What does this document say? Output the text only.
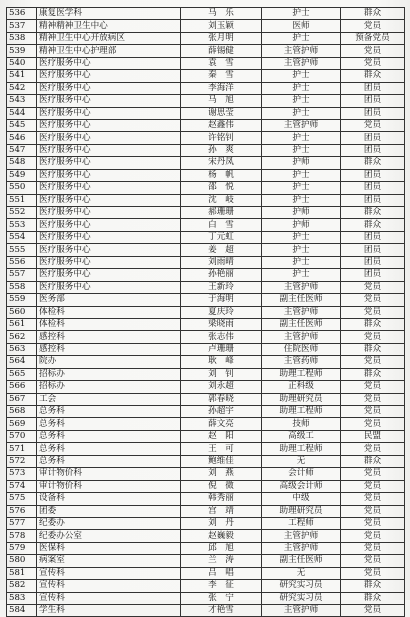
536	康复医学科	马　乐	护士	群众
537	精神精神卫生中心	刘玉颖	医师	党员
538	精神卫生中心开放病区	张月明	护士	预备党员
539	精神卫生中心护理部	薛锡健	主管护师	党员
540	医疗服务中心	袁　雪	主管护师	党员
541	医疗服务中心	秦　雪	护士	群众
542	医疗服务中心	李海洋	护士	团员
543	医疗服务中心	马　旭	护士	团员
544	医疗服务中心	谢思莹	护士	团员
545	医疗服务中心	赵鑫伟	主管护师	党员
546	医疗服务中心	许铭钊	护士	团员
547	医疗服务中心	孙　爽	护士	团员
548	医疗服务中心	宋丹凤	护师	群众
549	医疗服务中心	杨　帆	护士	团员
550	医疗服务中心	邵　悦	护士	团员
551	医疗服务中心	沈　岐	护士	团员
552	医疗服务中心	郝珊珊	护师	群众
553	医疗服务中心	白　雪	护师	群众
554	医疗服务中心	丁元虹	护士	团员
555	医疗服务中心	姜　超	护士	团员
556	医疗服务中心	刘雨晴	护士	团员
557	医疗服务中心	孙艳丽	护士	团员
558	医疗服务中心	王新玲	主管护师	党员
559	医务部	于海明	副主任医师	党员
560	体检科	夏庆玲	主管护师	党员
561	体检科	梁晓雨	副主任医师	群众
562	感控科	张志伟	主管护师	党员
563	感控科	卢珊珊	住院医师	群众
564	院办	耿　峰	主管药师	党员
565	招标办	刘　钊	助理工程师	群众
566	招标办	刘永超	正科级	党员
567	工会	郭春晓	助理研究员	党员
568	总务科	孙超宇	助理工程师	党员
569	总务科	薛文亮	技师	党员
570	总务科	赵　阳	高级工	民盟
571	总务科	王　可	助理工程师	党员
572	总务科	鲍维佳	无	群众
573	审计物价科	刘　燕	会计师	党员
574	审计物价科	倪　微	高级会计师	党员
575	设备科	韩秀丽	中级	党员
576	团委	宫　靖	助理研究员	党员
577	纪委办	刘　丹	工程师	党员
578	纪委办公室	赵巍毅	主管护师	党员
579	医保科	邱　旭	主管护师	党员
580	病案室	兰　涛	副主任医师	党员
581	宣传科	吕　唱	无	党员
582	宣传科	李　征	研究实习员	群众
583	宣传科	张　宁	研究实习员	群众
584	学生科	才艳雪	主管护师	党员
